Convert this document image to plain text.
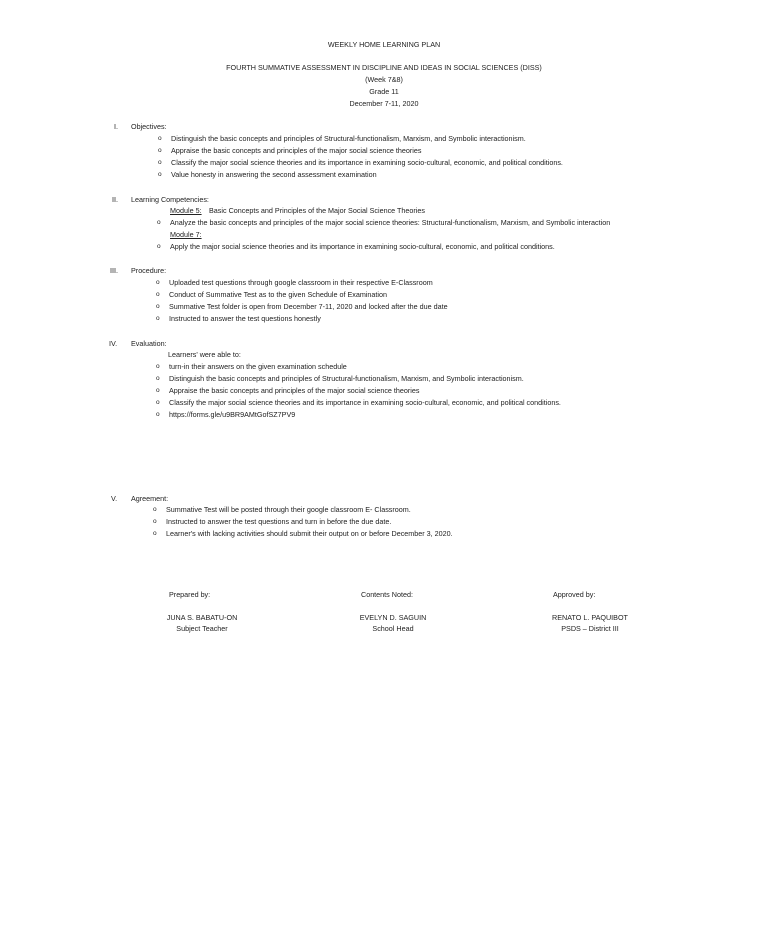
WEEKLY HOME LEARNING PLAN
FOURTH SUMMATIVE ASSESSMENT IN DISCIPLINE AND IDEAS IN SOCIAL SCIENCES (DISS)
(Week 7&8)
Grade 11
December 7-11, 2020
I. Objectives:
o Distinguish the basic concepts and principles of Structural-functionalism, Marxism, and Symbolic interactionism.
o Appraise the basic concepts and principles of the major social science theories
o Classify the major social science theories and its importance in examining socio-cultural, economic, and political conditions.
o Value honesty in answering the second assessment examination
II. Learning Competencies:
Module 5: Basic Concepts and Principles of the Major Social Science Theories
o Analyze the basic concepts and principles of the major social science theories: Structural-functionalism, Marxism, and Symbolic interaction
Module 7:
o Apply the major social science theories and its importance in examining socio-cultural, economic, and political conditions.
III. Procedure:
o Uploaded test questions through google classroom in their respective E-Classroom
o Conduct of Summative Test as to the given Schedule of Examination
o Summative Test folder is open from December 7-11, 2020 and locked after the due date
o Instructed to answer the test questions honestly
IV. Evaluation:
Learners' were able to:
o turn-in their answers on the given examination schedule
o Distinguish the basic concepts and principles of Structural-functionalism, Marxism, and Symbolic interactionism.
o Appraise the basic concepts and principles of the major social science theories
o Classify the major social science theories and its importance in examining socio-cultural, economic, and political conditions.
o https://forms.gle/u9BR9AMtGofSZ7PV9
V. Agreement:
o Summative Test will be posted through their google classroom E- Classroom.
o Instructed to answer the test questions and turn in before the due date.
o Learner's with lacking activities should submit their output on or before December 3, 2020.
Prepared by:
JUNA S. BABATU-ON
Subject Teacher
Contents Noted:
EVELYN D. SAGUIN
School Head
Approved by:
RENATO L. PAQUIBOT
PSDS – District III
